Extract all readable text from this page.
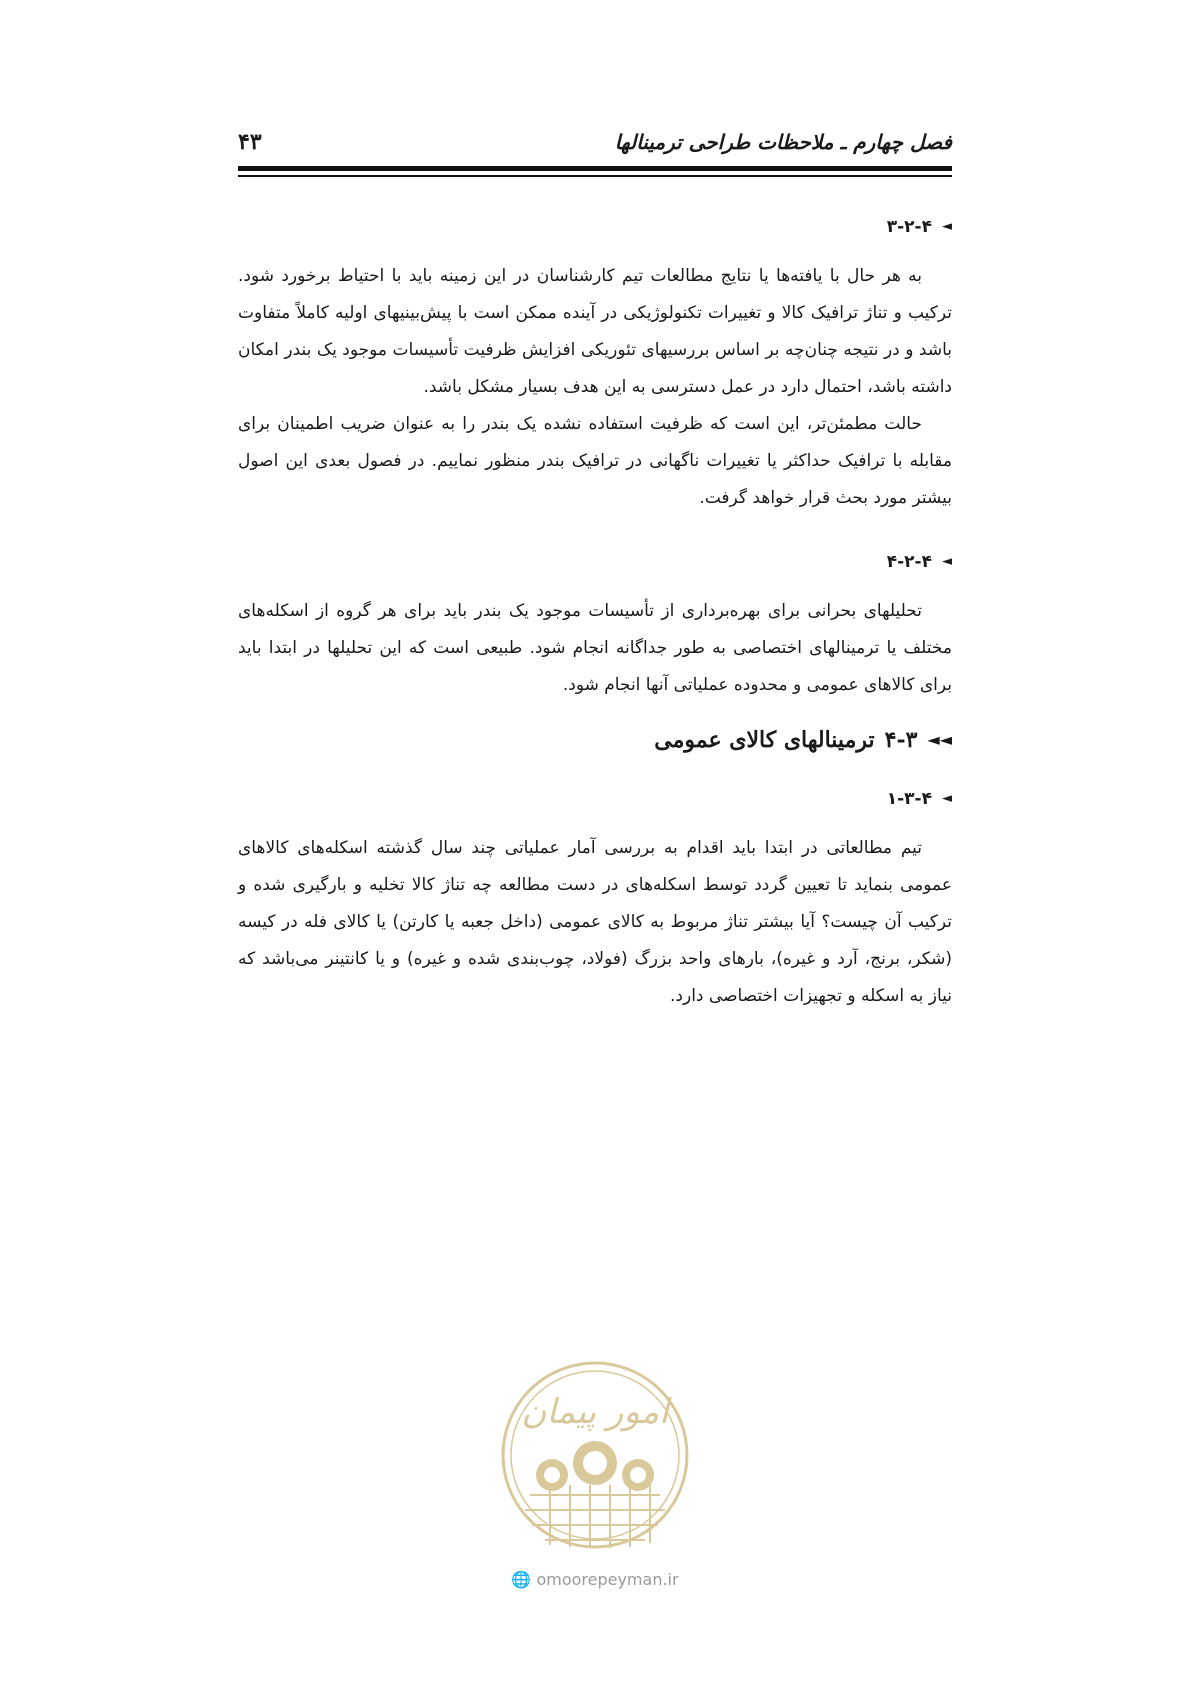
فصل چهارم ـ ملاحظات طراحی ترمینالها
۴۳
◄
۳-۲-۴

به هر حال با یافته‌ها یا نتایج مطالعات تیم کارشناسان در این زمینه باید با احتیاط برخورد شود. ترکیب و تناژ ترافیک کالا و تغییرات تکنولوژیکی در آینده ممکن است با پیش‌بینیهای اولیه کاملاً متفاوت باشد و در نتیجه چنان‌چه بر اساس بررسیهای تئوریکی افزایش ظرفیت تأسیسات موجود یک بندر امکان داشته باشد، احتمال دارد در عمل دسترسی به این هدف بسیار مشکل باشد.

حالت مطمئن‌تر، این است که ظرفیت استفاده نشده یک بندر را به عنوان ضریب اطمینان برای مقابله با ترافیک حداکثر یا تغییرات ناگهانی در ترافیک بندر منظور نماییم. در فصول بعدی این اصول بیشتر مورد بحث قرار خواهد گرفت.

◄
۴-۲-۴

تحلیلهای بحرانی برای بهره‌برداری از تأسیسات موجود یک بندر باید برای هر گروه از اسکله‌های مختلف یا ترمینالهای اختصاصی به طور جداگانه انجام شود. طبیعی است که این تحلیلها در ابتدا باید برای کالاهای عمومی و محدوده عملیاتی آنها انجام شود.

◄◄
۴-۳
ترمینالهای کالای عمومی
◄
۱-۳-۴

تیم مطالعاتی در ابتدا باید اقدام به بررسی آمار عملیاتی چند سال گذشته اسکله‌های کالاهای عمومی بنماید تا تعیین گردد توسط اسکله‌های در دست مطالعه چه تناژ کالا تخلیه و بارگیری شده و ترکیب آن چیست؟ آیا بیشتر تناژ مربوط به کالای عمومی (داخل جعبه یا کارتن) یا کالای فله در کیسه (شکر، برنج، آرد و غیره)، بارهای واحد بزرگ (فولاد، چوب‌بندی شده و غیره) و یا کانتینر می‌باشد که نیاز به اسکله و تجهیزات اختصاصی دارد.

امور پیمان
🌐 omoorepeyman.ir
